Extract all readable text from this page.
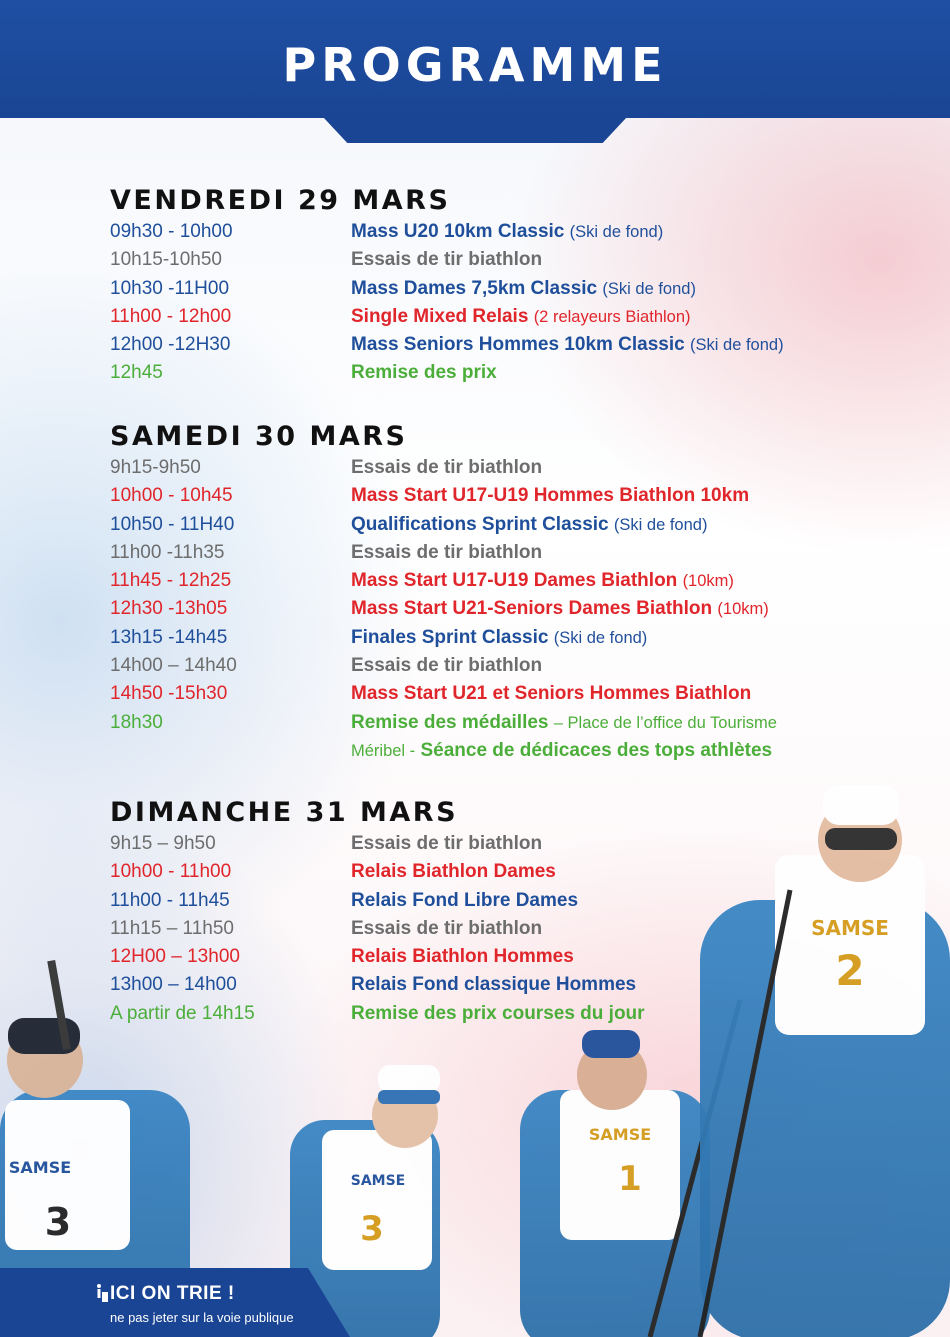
PROGRAMME
VENDREDI 29 MARS
09h30 - 10h00	Mass U20 10km Classic (Ski de fond)
10h15-10h50	Essais de tir biathlon
10h30 -11H00	Mass Dames 7,5km Classic (Ski de fond)
11h00 - 12h00	Single Mixed Relais (2 relayeurs Biathlon)
12h00 -12H30	Mass Seniors Hommes 10km Classic (Ski de fond)
12h45	Remise des prix
SAMEDI 30 MARS
9h15-9h50	Essais de tir biathlon
10h00 - 10h45	Mass Start U17-U19 Hommes Biathlon 10km
10h50 - 11H40	Qualifications Sprint Classic (Ski de fond)
11h00 -11h35	Essais de tir biathlon
11h45 - 12h25	Mass Start U17-U19 Dames Biathlon (10km)
12h30 -13h05	Mass Start U21-Seniors Dames Biathlon (10km)
13h15 -14h45	Finales Sprint Classic (Ski de fond)
14h00 – 14h40	Essais de tir biathlon
14h50 -15h30	Mass Start U21 et Seniors Hommes Biathlon
18h30	Remise des médailles – Place de l’office du Tourisme
Méribel - Séance de dédicaces des tops athlètes
DIMANCHE 31 MARS
9h15 – 9h50	Essais de tir biathlon
10h00 - 11h00	Relais Biathlon Dames
11h00 - 11h45	Relais Fond Libre Dames
11h15 – 11h50	Essais de tir biathlon
12H00 – 13h00	Relais Biathlon Hommes
13h00 – 14h00	Relais Fond classique Hommes
A partir de 14h15	Remise des prix courses du jour
SAMSE
3
SAMSE
3
SAMSE
1
SAMSE
2
ICI ON TRIE !
ne pas jeter sur la voie publique
